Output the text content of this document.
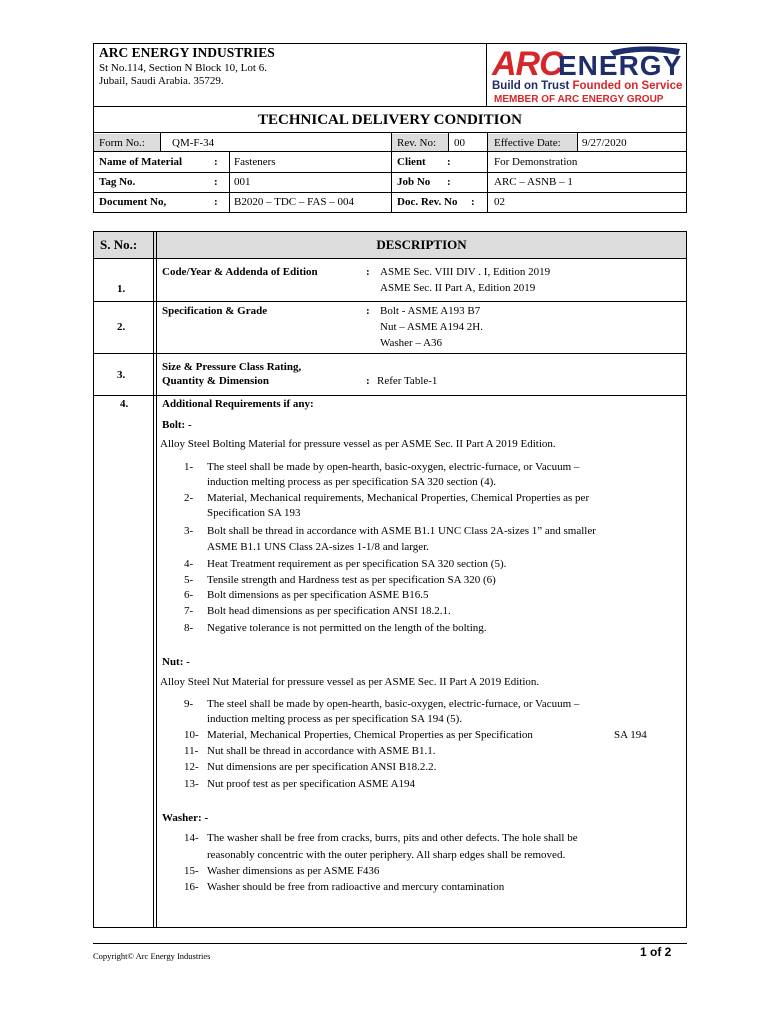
ARC ENERGY INDUSTRIES
St No.114, Section N Block 10, Lot 6.
Jubail, Saudi Arabia. 35729.	ARC
ENERGY
Build on Trust Founded on Service
MEMBER OF ARC ENERGY GROUP
TECHNICAL DELIVERY CONDITION
Form No.: QM-F-34	Rev. No: 00	Effective Date: 9/27/2020
Name of Material	: Fasteners	Client :	For Demonstration
Tag No.	: 001	Job No :	ARC – ASNB – 1
Document No,	: B2020 – TDC – FAS – 004	Doc. Rev. No : 02
S. No.:	DESCRIPTION
1.
Code/Year & Addenda of Edition	: ASME Sec. VIII DIV . I, Edition 2019
ASME Sec. II Part A, Edition 2019
2.
Specification & Grade	: Bolt - ASME A193 B7
Nut – ASME A194 2H.
Washer – A36
3.
Size & Pressure Class Rating,
Quantity & Dimension	: Refer Table-1
4.	Additional Requirements if any:
Bolt: -
Alloy Steel Bolting Material for pressure vessel as per ASME Sec. II Part A 2019 Edition.
1- The steel shall be made by open-hearth, basic-oxygen, electric-furnace, or Vacuum –
induction melting process as per specification SA 320 section (4).
2- Material, Mechanical requirements, Mechanical Properties, Chemical Properties as per
Specification SA 193
3- Bolt shall be thread in accordance with ASME B1.1 UNC Class 2A-sizes 1” and smaller
ASME B1.1 UNS Class 2A-sizes 1-1/8 and larger.
4- Heat Treatment requirement as per specification SA 320 section (5).
5- Tensile strength and Hardness test as per specification SA 320 (6)
6- Bolt dimensions as per specification ASME B16.5
7- Bolt head dimensions as per specification ANSI 18.2.1.
8- Negative tolerance is not permitted on the length of the bolting.
Nut: -
Alloy Steel Nut Material for pressure vessel as per ASME Sec. II Part A 2019 Edition.
9- The steel shall be made by open-hearth, basic-oxygen, electric-furnace, or Vacuum –
induction melting process as per specification SA 194 (5).
10- Material, Mechanical Properties, Chemical Properties as per Specification	SA 194
11- Nut shall be thread in accordance with ASME B1.1.
12- Nut dimensions are per specification ANSI B18.2.2.
13- Nut proof test as per specification ASME A194
Washer: -
14- The washer shall be free from cracks, burrs, pits and other defects. The hole shall be
reasonably concentric with the outer periphery. All sharp edges shall be removed.
15- Washer dimensions as per ASME F436
16- Washer should be free from radioactive and mercury contamination
Copyright© Arc Energy Industries	1 of 2
